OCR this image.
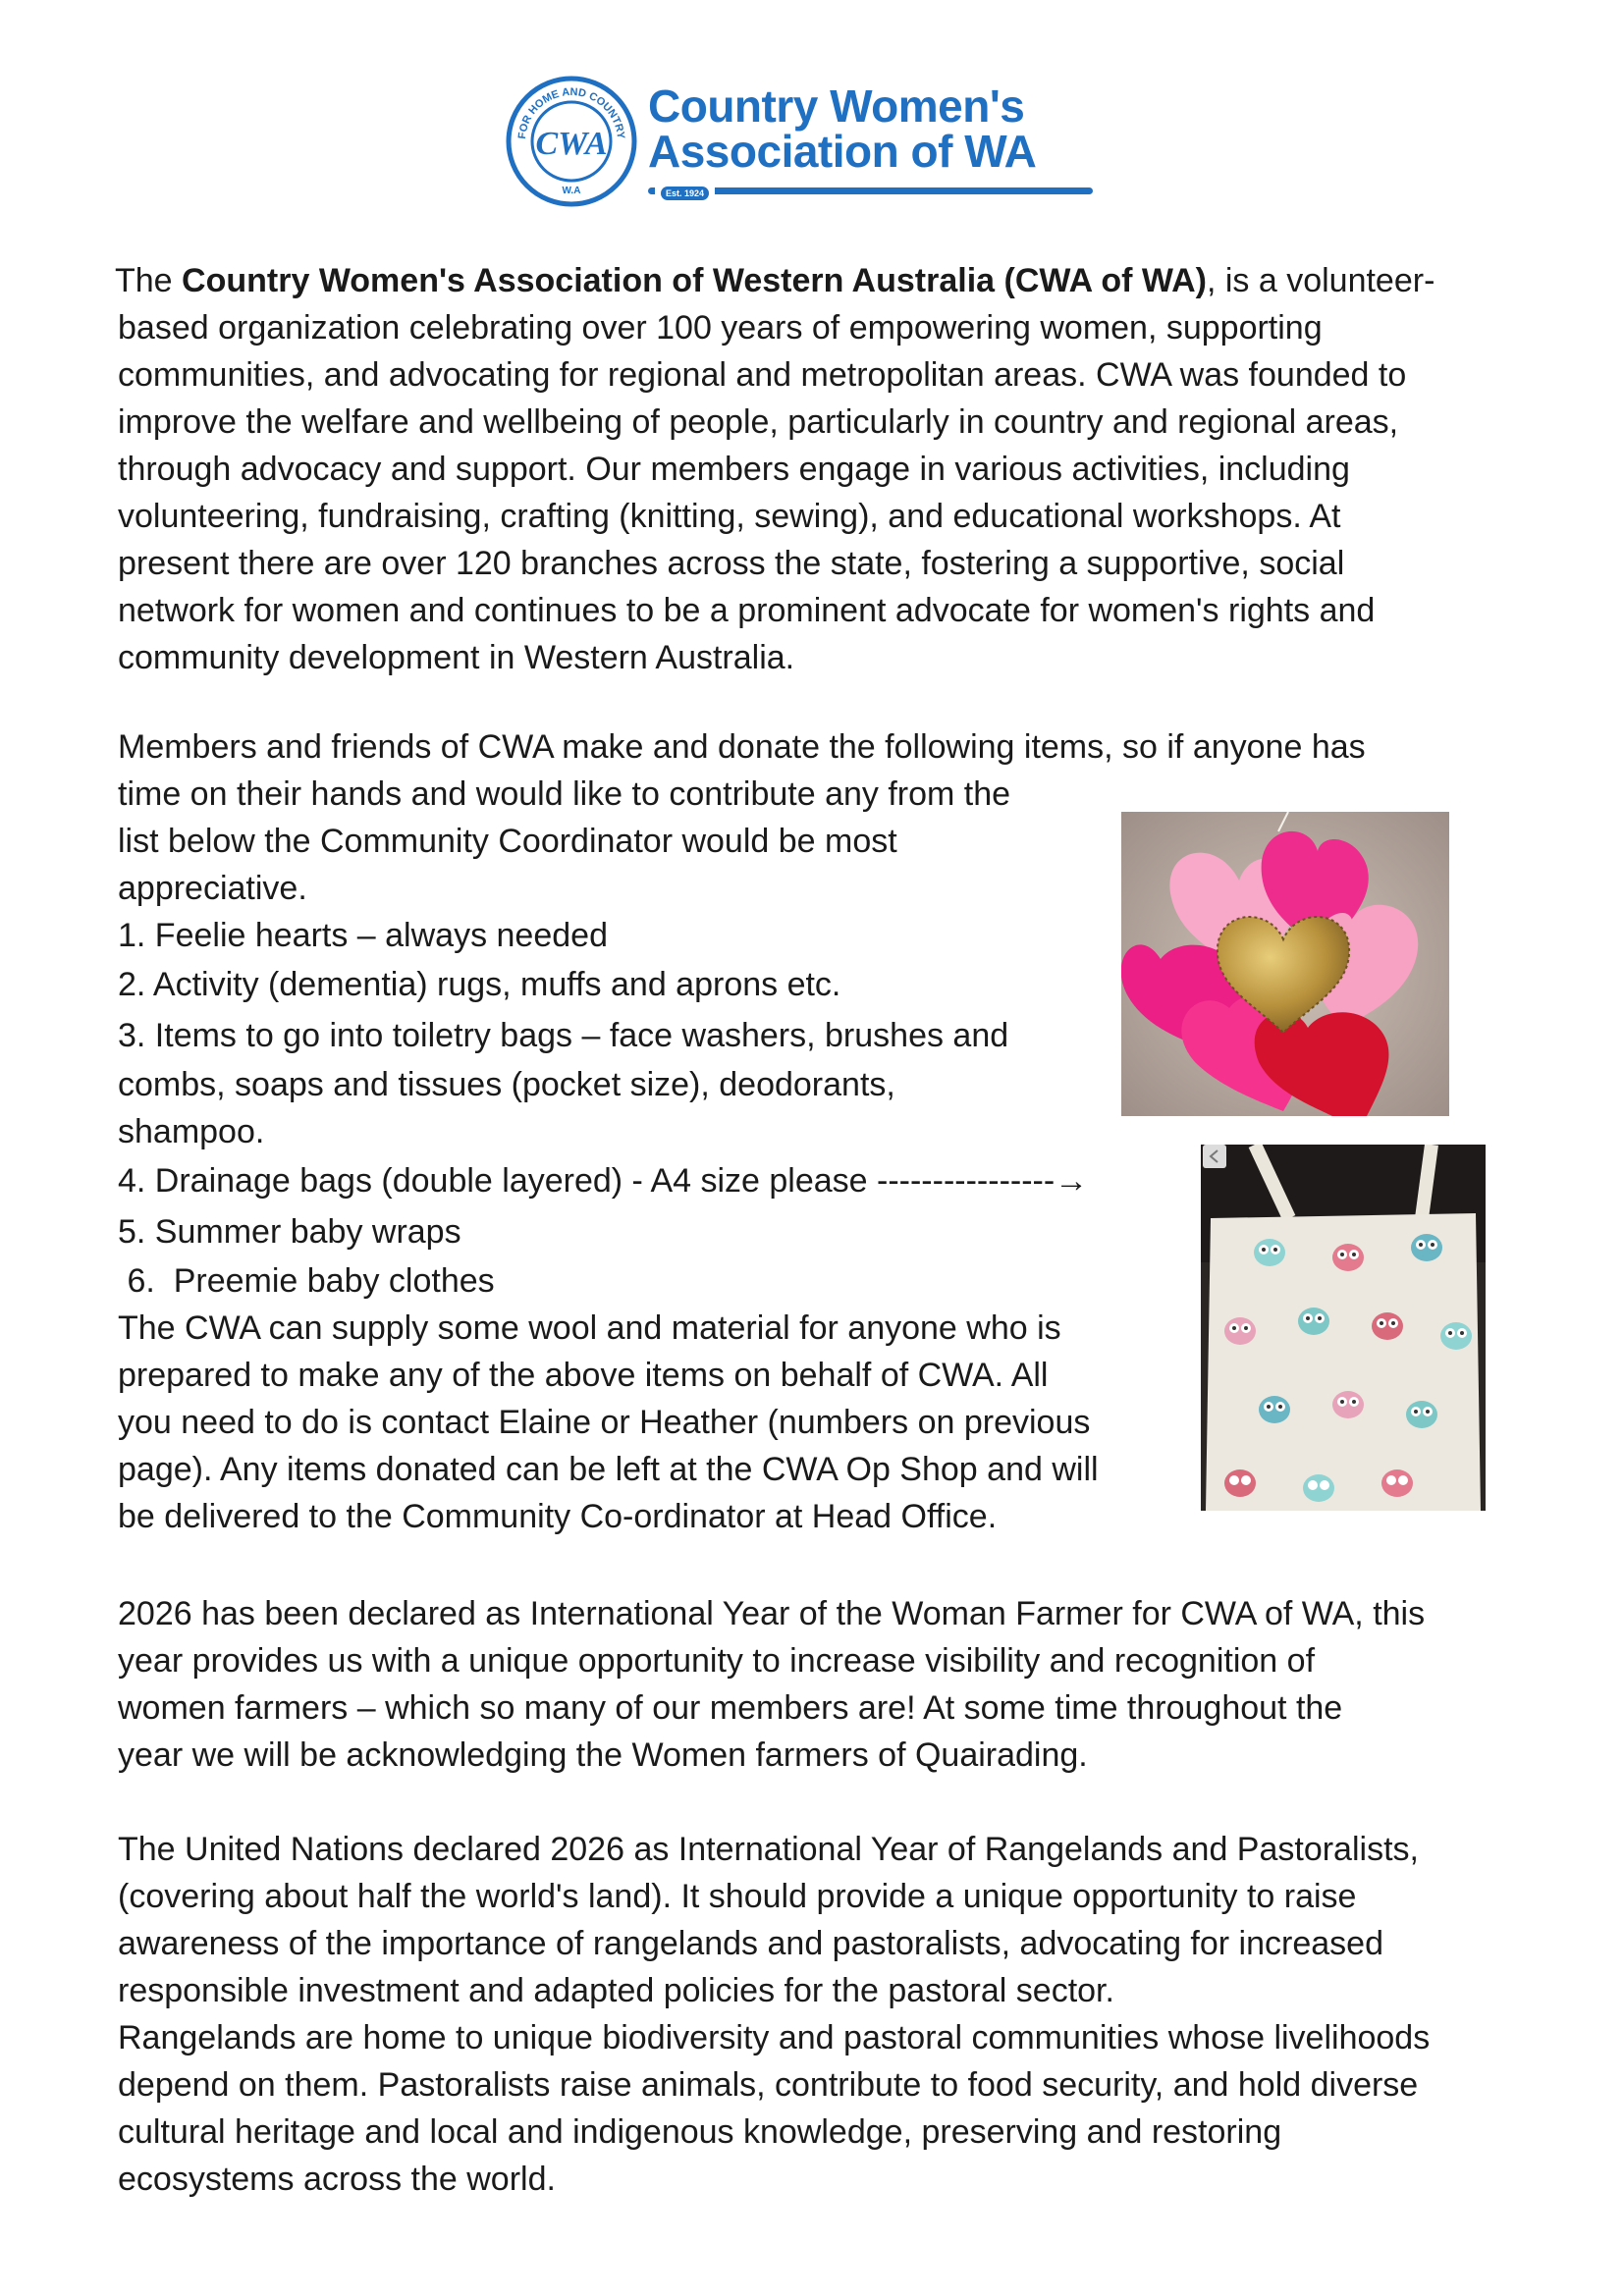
FOR HOME AND COUNTRY
W.A
CWA
Country Women's
Association of WA
Est. 1924
The Country Women's Association of Western Australia (CWA of WA), is a volunteer-
based organization celebrating over 100 years of empowering women, supporting
communities, and advocating for regional and metropolitan areas. CWA was founded to
improve the welfare and wellbeing of people, particularly in country and regional areas,
through advocacy and support. Our members engage in various activities, including
volunteering, fundraising, crafting (knitting, sewing), and educational workshops. At
present there are over 120 branches across the state, fostering a supportive, social
network for women and continues to be a prominent advocate for women's rights and
community development in Western Australia.
Members and friends of CWA make and donate the following items, so if anyone has
time on their hands and would like to contribute any from the
list below the Community Coordinator would be most
appreciative.
1. Feelie hearts – always needed
2. Activity (dementia) rugs, muffs and aprons etc.
3. Items to go into toiletry bags – face washers, brushes and
combs, soaps and tissues (pocket size), deodorants,
shampoo.
4. Drainage bags (double layered) - A4 size please ----------------→
5. Summer baby wraps
6.  Preemie baby clothes
The CWA can supply some wool and material for anyone who is
prepared to make any of the above items on behalf of CWA. All
you need to do is contact Elaine or Heather (numbers on previous
page). Any items donated can be left at the CWA Op Shop and will
be delivered to the Community Co-ordinator at Head Office.
2026 has been declared as International Year of the Woman Farmer for CWA of WA, this
year provides us with a unique opportunity to increase visibility and recognition of
women farmers – which so many of our members are! At some time throughout the
year we will be acknowledging the Women farmers of Quairading.
The United Nations declared 2026 as International Year of Rangelands and Pastoralists,
(covering about half the world's land). It should provide a unique opportunity to raise
awareness of the importance of rangelands and pastoralists, advocating for increased
responsible investment and adapted policies for the pastoral sector.
Rangelands are home to unique biodiversity and pastoral communities whose livelihoods
depend on them. Pastoralists raise animals, contribute to food security, and hold diverse
cultural heritage and local and indigenous knowledge, preserving and restoring
ecosystems across the world.
